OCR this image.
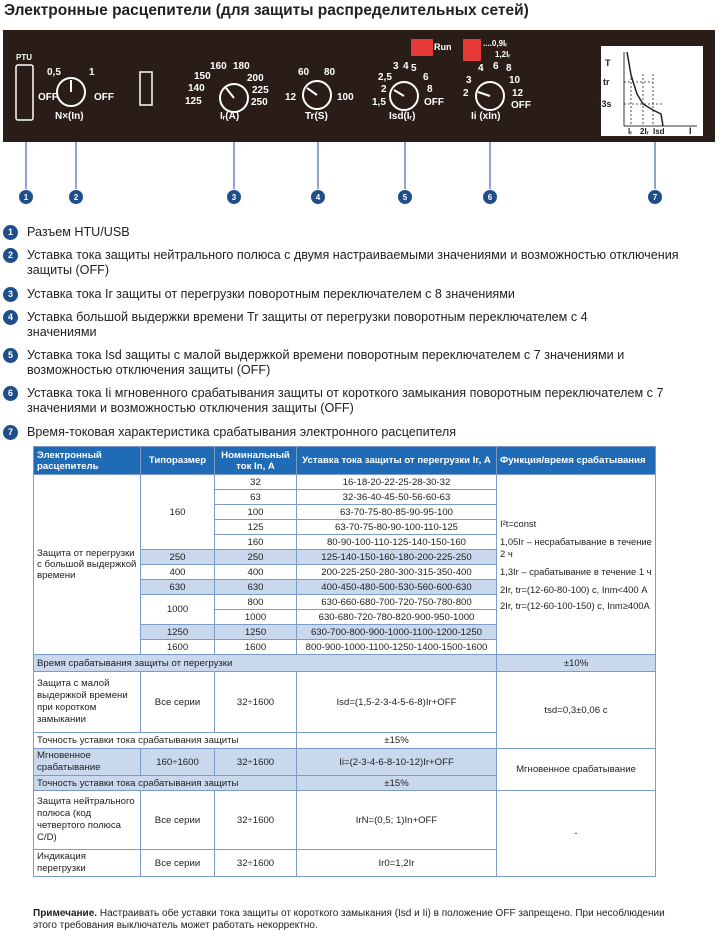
Электронные расцепители (для защиты распределительных сетей)
PTU
0,5	1
OFF	OFF
N×(In)
160 180
150	200
140	225
125	250
Iᵣ(A)
60 80
12	100
Tr(S)
Run	....0,9Iᵣ
1,2Iᵣ
3 4 5
2,5	6
2	8
1,5	OFF
Isd(Iᵣ)
4 6 8
3	10
2	12
OFF
Ii (xIn)
T
tr
0.3s
Iᵣ 2Iᵣ Isd	I
⩪
1	2	3	4	5	6	7
1	Разъем HTU/USB
2	Уставка тока защиты нейтрального полюса с двумя настраиваемыми значениями и возможностью отключения защиты (OFF)
3	Уставка тока Ir защиты от перегрузки поворотным переключателем с 8 значениями
4	Уставка большой выдержки времени Tr защиты от перегрузки поворотным переключателем с 4 значениями
5	Уставка тока Isd защиты с малой выдержкой времени поворотным переключателем с 7 значениями и возможностью отключения защиты (OFF)
6	Уставка тока Ii мгновенного срабатывания защиты от короткого замыкания поворотным переключателем с 7 значениями и возможностью отключения защиты (OFF)
7	Время-токовая характеристика срабатывания электронного расцепителя
Электронный расцепитель	Типоразмер	Номинальный ток In, А	Уставка тока защиты от перегрузки Ir, А	Функция/время срабатывания
Защита от перегрузки с большой выдержкой времени	160	32	16-18-20-22-25-28-30-32	I²t=const
1,05Ir – несрабатывание в течение 2 ч
1,3Ir – срабатывание в течение 1 ч
2Ir, tr=(12-60-80-100) c, Inm<400 А
2Ir, tr=(12-60-100-150) c, Inm≥400А

		63	32-36-40-45-50-56-60-63	
		100	63-70-75-80-85-90-95-100	
		125	63-70-75-80-90-100-110-125	
		160	80-90-100-110-125-140-150-160	
	250	250	125-140-150-160-180-200-225-250	
	400	400	200-225-250-280-300-315-350-400	
	630	630	400-450-480-500-530-560-600-630	
	1000	800	630-660-680-700-720-750-780-800	
		1000	630-680-720-780-820-900-950-1000	
	1250	1250	630-700-800-900-1000-1100-1200-1250	
	1600	1600	800-900-1000-1100-1250-1400-1500-1600	
Время срабатывания защиты от перегрузки				±10%
Защита с малой выдержкой времени при коротком замыкании	Все серии	32÷1600	Isd=(1,5-2-3-4-5-6-8)Ir+OFF	tsd=0,3±0,06 с
Точность уставки тока срабатывания защиты			±15%	
Мгновенное срабатывание	160÷1600	32÷1600	Ii=(2-3-4-6-8-10-12)Ir+OFF	Мгновенное срабатывание
Точность уставки тока срабатывания защиты			±15%	
Защита нейтрального полюса (код четвертого полюса C/D)	Все серии	32÷1600	IrN=(0,5; 1)In+OFF	-
Индикация перегрузки	Все серии	32÷1600	Ir0=1,2Ir	
Примечание. Настраивать обе уставки тока защиты от короткого замыкания (Isd и Ii) в положение OFF запрещено. При несоблюдении этого требования выключатель может работать некорректно.
